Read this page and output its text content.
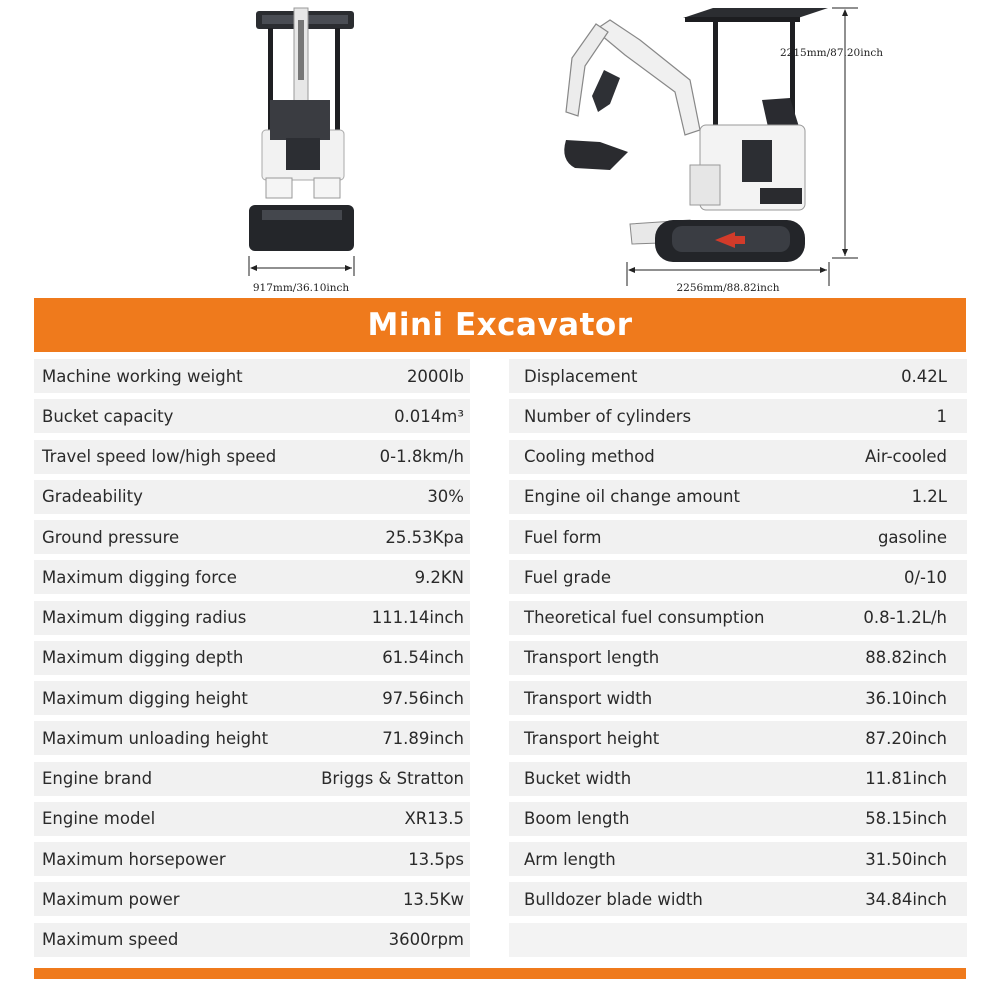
917mm/36.10inch
2215mm/87.20inch
2256mm/88.82inch
Mini Excavator
Machine working weight	2000lb
Bucket capacity	0.014m³
Travel speed low/high speed	0-1.8km/h
Gradeability	30%
Ground pressure	25.53Kpa
Maximum digging force	9.2KN
Maximum digging radius	111.14inch
Maximum digging depth	61.54inch
Maximum digging height	97.56inch
Maximum unloading height	71.89inch
Engine brand	Briggs & Stratton
Engine model	XR13.5
Maximum horsepower	13.5ps
Maximum power	13.5Kw
Maximum speed	3600rpm
Displacement	0.42L
Number of cylinders	1
Cooling method	Air-cooled
Engine oil change amount	1.2L
Fuel form	gasoline
Fuel grade	0/-10
Theoretical fuel consumption	0.8-1.2L/h
Transport length	88.82inch
Transport width	36.10inch
Transport height	87.20inch
Bucket width	11.81inch
Boom length	58.15inch
Arm length	31.50inch
Bulldozer blade width	34.84inch
